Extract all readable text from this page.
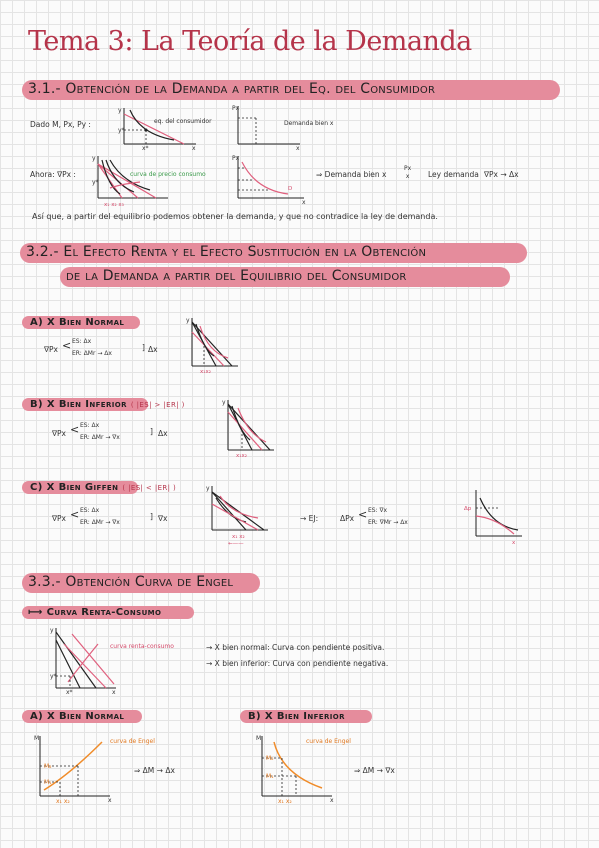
Tema 3: La Teoría de la Demanda
3.1.- Obtención de la Demanda a partir del Eq. del Consumidor
Dado M, Px, Py :
y
y*
x*	x
eq. del consumidor
Px
x
Demanda bien x
Ahora: ∇Px :
y
y*
x₁ x₂ x₃
curva de precio consumo
Px
D
x
⇒ Demanda bien x
Px
x Ley demanda ∇Px → Δx
Así que, a partir del equilibrio podemos obtener la demanda, y que no contradice la ley de demanda.
3.2.- El Efecto Renta y el Efecto Sustitución en la Obtención
de la Demanda a partir del Equilibrio del Consumidor
A) X Bien Normal
∇Px < ES: Δx
ER: ΔMr → Δx
] Δx
y
x₁x₂
B) X Bien Inferior ( |ES| > |ER| )
∇Px < ES: Δx
ER: ΔMr → ∇x
] Δx
y
x₁x₂
C) X Bien Giffen ( |ES| < |ER| )
∇Px < ES: Δx
ER: ΔMr → ∇x
] ∇x
y
x₁ x₂
←——
→ EJ:	ΔPx < ES: ∇x
ER: ∇Mr → Δx
Δp
x
3.3.- Obtención Curva de Engel
⟼ Curva Renta-Consumo
y
y*
x*	x
curva renta-consumo	→ X bien normal: Curva con pendiente positiva.
→ X bien inferior: Curva con pendiente negativa.
A) X Bien Normal
M
M₂
M₁
x₁ x₂	x
curva de Engel
⇒ ΔM → Δx
B) X Bien Inferior
M
M₂
M₁
x₁ x₂	x
curva de Engel
⇒ ΔM → ∇x
